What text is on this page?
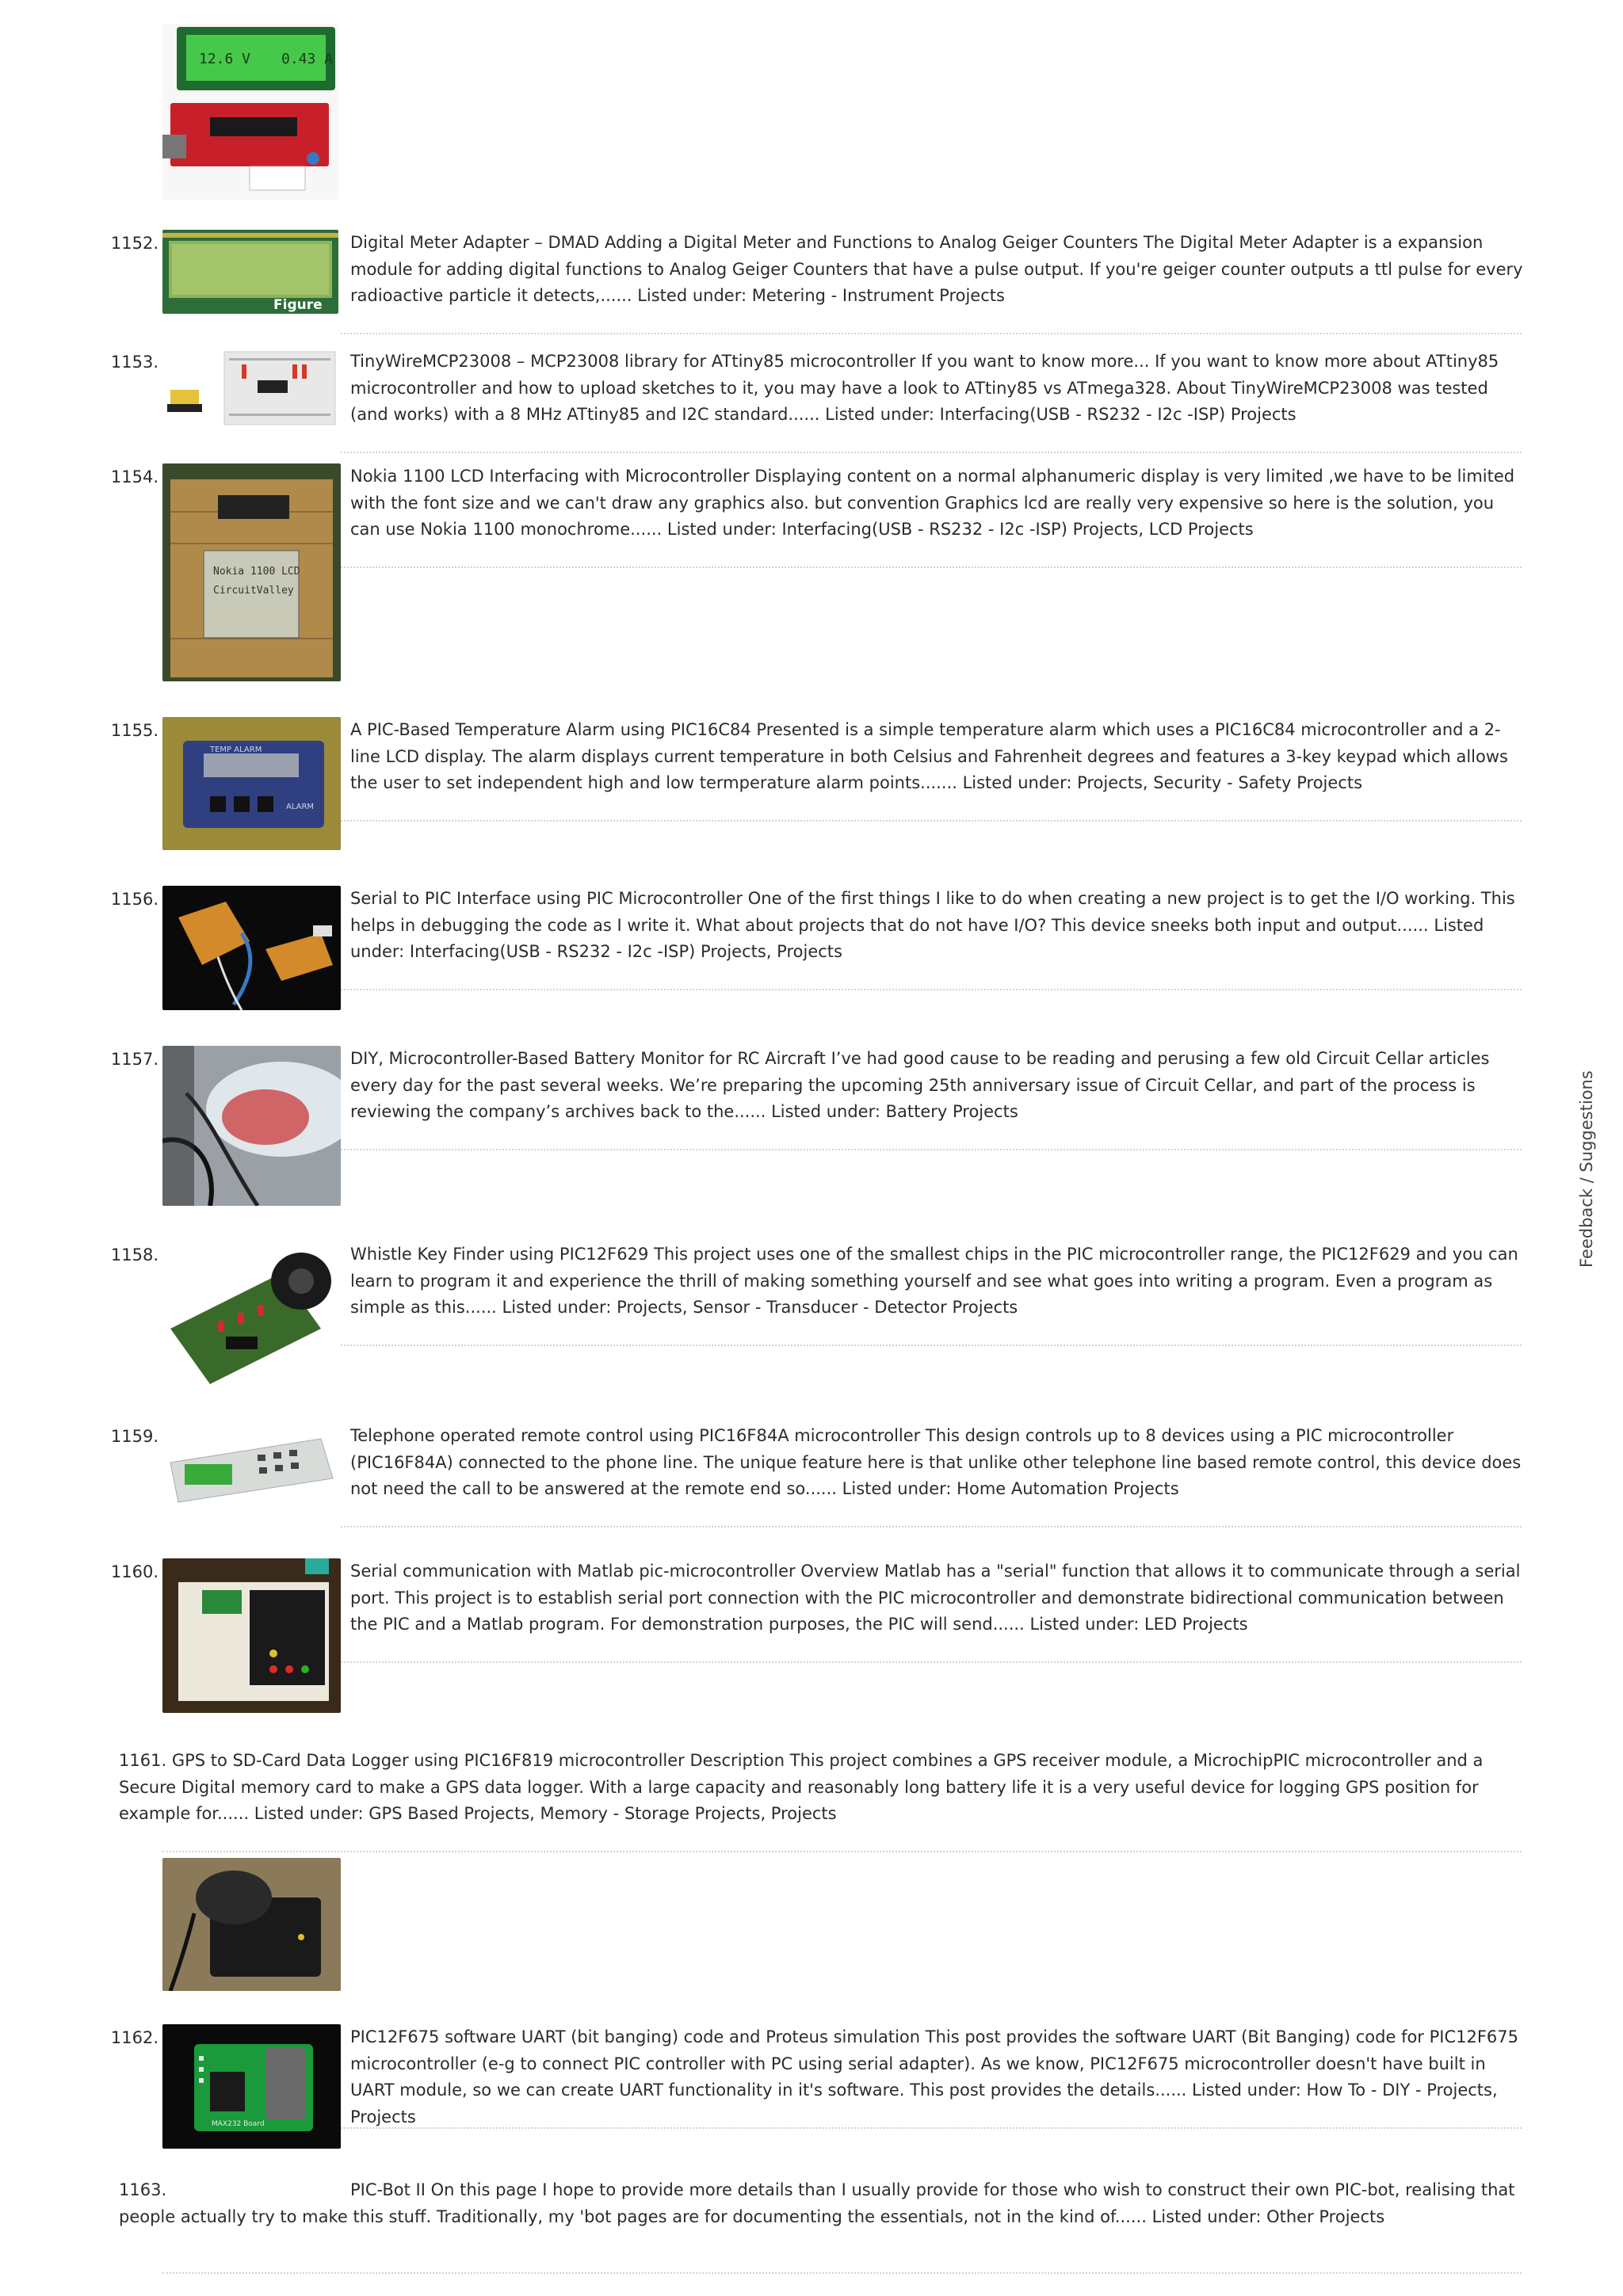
12.6 V 0.43 A
1152.
Figure
Digital Meter Adapter – DMAD Adding a Digital Meter and Functions to Analog Geiger Counters The Digital Meter Adapter is a expansion module for adding digital functions to Analog Geiger Counters that have a pulse output. If you're geiger counter outputs a ttl pulse for every radioactive particle it detects,...... Listed under: Metering - Instrument Projects
1153.	TinyWireMCP23008 – MCP23008 library for ATtiny85 microcontroller If you want to know more... If you want to know more about ATtiny85 microcontroller and how to upload sketches to it, you may have a look to ATtiny85 vs ATmega328. About TinyWireMCP23008 was tested (and works) with a 8 MHz ATtiny85 and I2C standard...... Listed under: Interfacing(USB - RS232 - I2c -ISP) Projects
1154.
Nokia 1100 LCD
CircuitValley
Nokia 1100 LCD Interfacing with Microcontroller Displaying content on a normal alphanumeric display is very limited ,we have to be limited with the font size and we can't draw any graphics also. but convention Graphics lcd are really very expensive so here is the solution, you can use Nokia 1100 monochrome...... Listed under: Interfacing(USB - RS232 - I2c -ISP) Projects, LCD Projects
1155.
TEMP ALARM
ALARM
A PIC-Based Temperature Alarm using PIC16C84 Presented is a simple temperature alarm which uses a PIC16C84 microcontroller and a 2-line LCD display. The alarm displays current temperature in both Celsius and Fahrenheit degrees and features a 3-key keypad which allows the user to set independent high and low termperature alarm points....... Listed under: Projects, Security - Safety Projects
1156.	Serial to PIC Interface using PIC Microcontroller One of the first things I like to do when creating a new project is to get the I/O working. This helps in debugging the code as I write it. What about projects that do not have I/O? This device sneeks both input and output...... Listed under: Interfacing(USB - RS232 - I2c -ISP) Projects, Projects
1157.	DIY, Microcontroller-Based Battery Monitor for RC Aircraft I’ve had good cause to be reading and perusing a few old Circuit Cellar articles every day for the past several weeks. We’re preparing the upcoming 25th anniversary issue of Circuit Cellar, and part of the process is reviewing the company’s archives back to the...... Listed under: Battery Projects
1158.	Whistle Key Finder using PIC12F629 This project uses one of the smallest chips in the PIC microcontroller range, the PIC12F629 and you can learn to program it and experience the thrill of making something yourself and see what goes into writing a program. Even a program as simple as this...... Listed under: Projects, Sensor - Transducer - Detector Projects
1159.	Telephone operated remote control using PIC16F84A microcontroller This design controls up to 8 devices using a PIC microcontroller (PIC16F84A) connected to the phone line. The unique feature here is that unlike other telephone line based remote control, this device does not need the call to be answered at the remote end so...... Listed under: Home Automation Projects
1160.	Serial communication with Matlab pic-microcontroller Overview Matlab has a "serial" function that allows it to communicate through a serial port. This project is to establish serial port connection with the PIC microcontroller and demonstrate bidirectional communication between the PIC and a Matlab program. For demonstration purposes, the PIC will send...... Listed under: LED Projects
1161. GPS to SD-Card Data Logger using PIC16F819 microcontroller Description This project combines a GPS receiver module, a MicrochipPIC microcontroller and a Secure Digital memory card to make a GPS data logger. With a large capacity and reasonably long battery life it is a very useful device for logging GPS position for example for...... Listed under: GPS Based Projects, Memory - Storage Projects, Projects
1162.
MAX232 Board
PIC12F675 software UART (bit banging) code and Proteus simulation This post provides the software UART (Bit Banging) code for PIC12F675 microcontroller (e-g to connect PIC controller with PC using serial adapter). As we know, PIC12F675 microcontroller doesn't have built in UART module, so we can create UART functionality in it's software. This post provides the details...... Listed under: How To - DIY - Projects, Projects
1163.	PIC-Bot II On this page I hope to provide more details than I usually provide for those who wish to construct their own PIC-bot, realising that people actually try to make this stuff. Traditionally, my 'bot pages are for documenting the essentials, not in the kind of...... Listed under: Other Projects
Feedback / Suggestions
